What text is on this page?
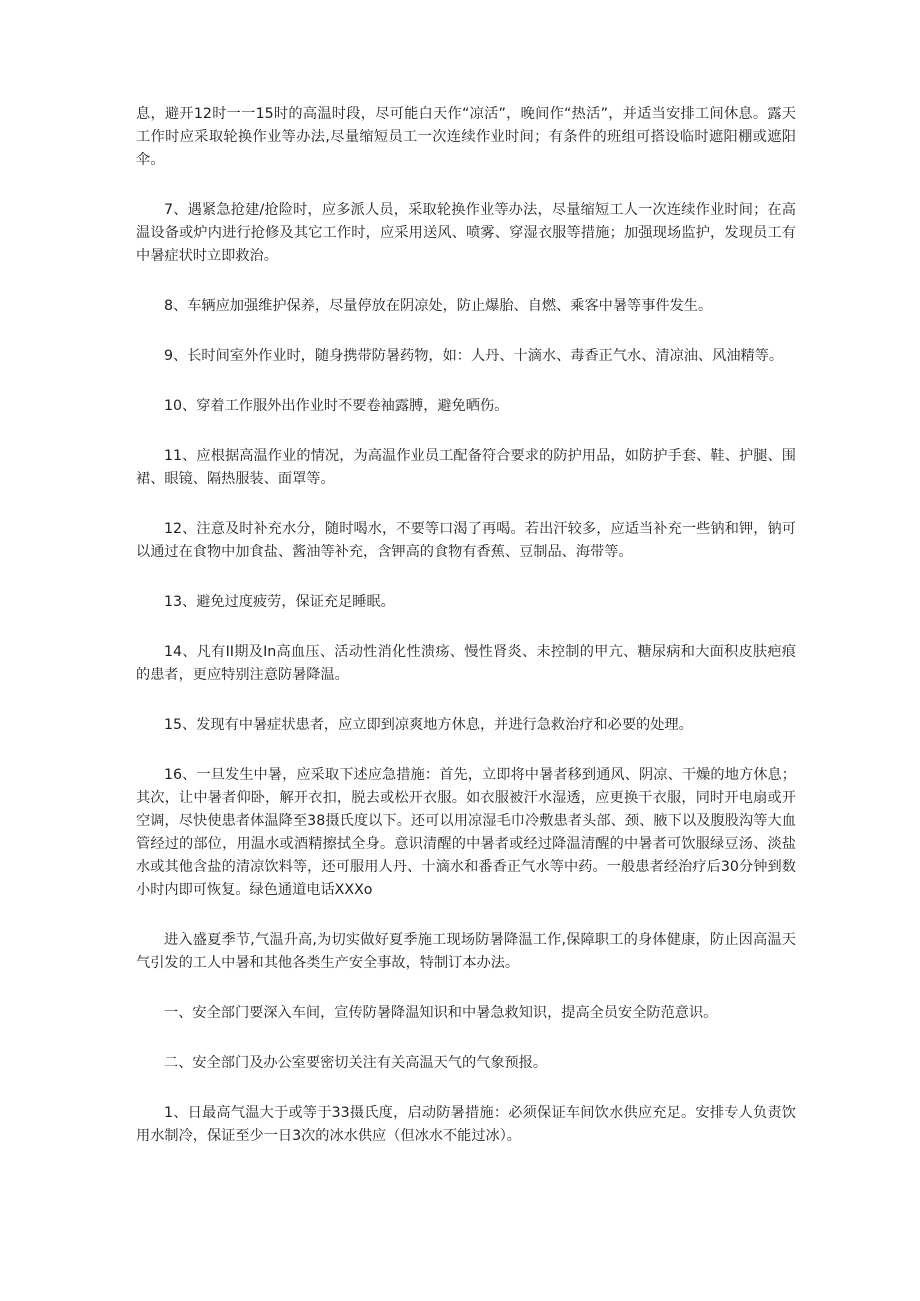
息，避开12时一一15时的高温时段，尽可能白天作“凉活”，晚间作“热活”，并适当安排工间休息。露天工作时应采取轮换作业等办法,尽量缩短员工一次连续作业时间；有条件的班组可搭设临时遮阳棚或遮阳伞。

7、遇紧急抢建/抢险时，应多派人员，采取轮换作业等办法，尽量缩短工人一次连续作业时间；在高温设备或炉内进行抢修及其它工作时，应采用送风、喷雾、穿湿衣服等措施；加强现场监护，发现员工有中暑症状时立即救治。

8、车辆应加强维护保养，尽量停放在阴凉处，防止爆胎、自燃、乘客中暑等事件发生。

9、长时间室外作业时，随身携带防暑药物，如：人丹、十滴水、毒香正气水、清凉油、风油精等。

10、穿着工作服外出作业时不要卷袖露膊，避免晒伤。

11、应根据高温作业的情况，为高温作业员工配备符合要求的防护用品，如防护手套、鞋、护腿、围裙、眼镜、隔热服装、面罩等。

12、注意及时补充水分，随时喝水，不要等口渴了再喝。若出汗较多，应适当补充一些钠和钾，钠可以通过在食物中加食盐、酱油等补充，含钾高的食物有香蕉、豆制品、海带等。

13、避免过度疲劳，保证充足睡眠。

14、凡有II期及In高血压、活动性消化性溃疡、慢性肾炎、未控制的甲亢、糖尿病和大面积皮肤疤痕的患者，更应特别注意防暑降温。

15、发现有中暑症状患者，应立即到凉爽地方休息，并进行急救治疗和必要的处理。

16、一旦发生中暑，应采取下述应急措施：首先，立即将中暑者移到通风、阴凉、干燥的地方休息；其次，让中暑者仰卧，解开衣扣，脱去或松开衣服。如衣服被汗水湿透，应更换干衣服，同时开电扇或开空调，尽快使患者体温降至38摄氏度以下。还可以用凉湿毛巾冷敷患者头部、颈、腋下以及腹股沟等大血管经过的部位，用温水或酒精擦拭全身。意识清醒的中暑者或经过降温清醒的中暑者可饮服绿豆汤、淡盐水或其他含盐的清凉饮料等，还可服用人丹、十滴水和番香正气水等中药。一般患者经治疗后30分钟到数小时内即可恢复。绿色通道电话XXXo

进入盛夏季节,气温升高,为切实做好夏季施工现场防暑降温工作,保障职工的身体健康，防止因高温天气引发的工人中暑和其他各类生产安全事故，特制订本办法。

一、安全部门要深入车间，宣传防暑降温知识和中暑急救知识，提高全员安全防范意识。

二、安全部门及办公室要密切关注有关高温天气的气象预报。

1、日最高气温大于或等于33摄氏度，启动防暑措施：必须保证车间饮水供应充足。安排专人负责饮用水制冷，保证至少一日3次的冰水供应（但冰水不能过冰）。
